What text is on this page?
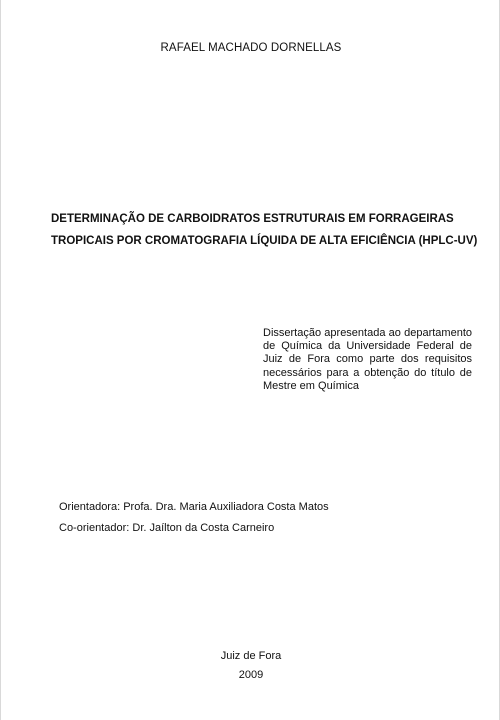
RAFAEL MACHADO DORNELLAS
DETERMINAÇÃO DE CARBOIDRATOS ESTRUTURAIS EM FORRAGEIRAS
TROPICAIS POR CROMATOGRAFIA LÍQUIDA DE ALTA EFICIÊNCIA (HPLC-UV)
Dissertação apresentada ao departamento de Química da Universidade Federal de Juiz de Fora como parte dos requisitos necessários para a obtenção do título de Mestre em Química
Orientadora: Profa. Dra. Maria Auxiliadora Costa Matos
Co-orientador: Dr. Jaílton da Costa Carneiro
Juiz de Fora
2009
